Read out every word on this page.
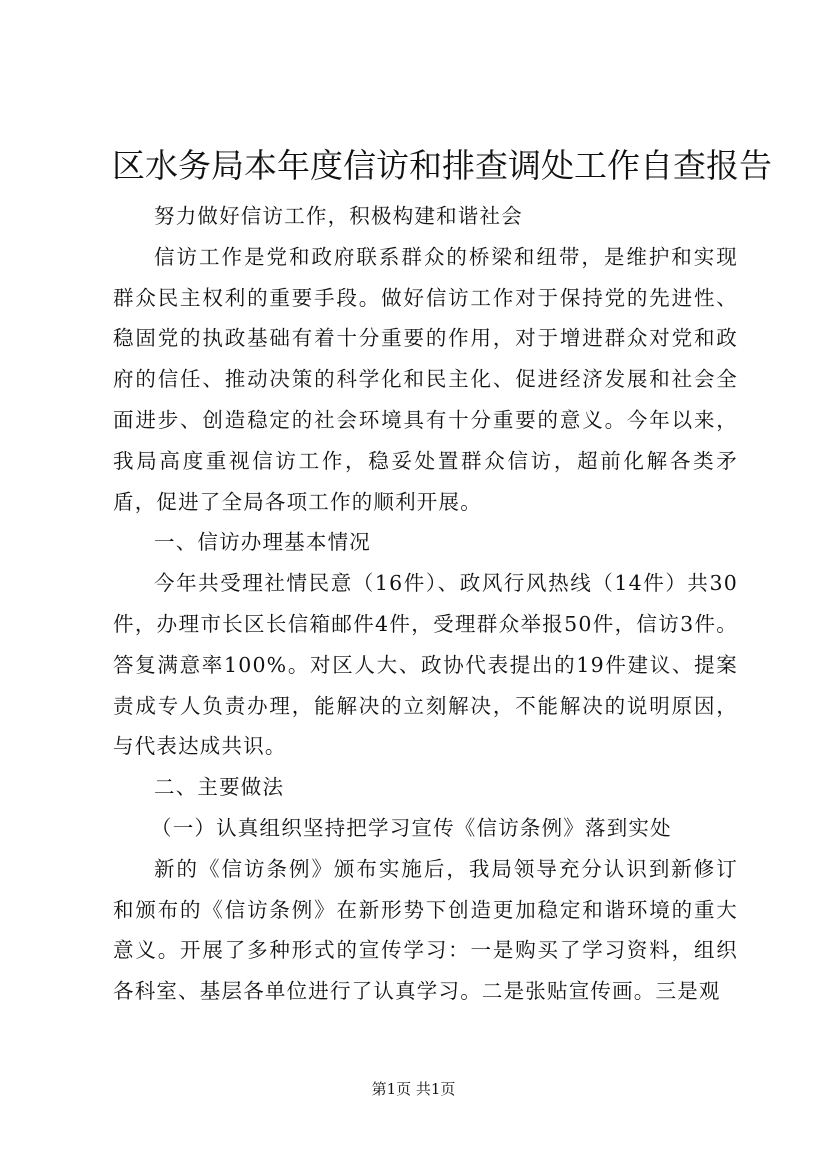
区水务局本年度信访和排查调处工作自查报告

努力做好信访工作，积极构建和谐社会

信访工作是党和政府联系群众的桥梁和纽带，是维护和实现群众民主权利的重要手段。做好信访工作对于保持党的先进性、稳固党的执政基础有着十分重要的作用，对于增进群众对党和政府的信任、推动决策的科学化和民主化、促进经济发展和社会全面进步、创造稳定的社会环境具有十分重要的意义。今年以来，我局高度重视信访工作，稳妥处置群众信访，超前化解各类矛盾，促进了全局各项工作的顺利开展。

一、信访办理基本情况

今年共受理社情民意（16件）、政风行风热线（14件）共30件，办理市长区长信箱邮件4件，受理群众举报50件，信访3件。答复满意率100%。对区人大、政协代表提出的19件建议、提案责成专人负责办理，能解决的立刻解决，不能解决的说明原因，与代表达成共识。

二、主要做法

（一）认真组织坚持把学习宣传《信访条例》落到实处

新的《信访条例》颁布实施后，我局领导充分认识到新修订和颁布的《信访条例》在新形势下创造更加稳定和谐环境的重大意义。开展了多种形式的宣传学习：一是购买了学习资料，组织各科室、基层各单位进行了认真学习。二是张贴宣传画。三是观

第1页 共1页
